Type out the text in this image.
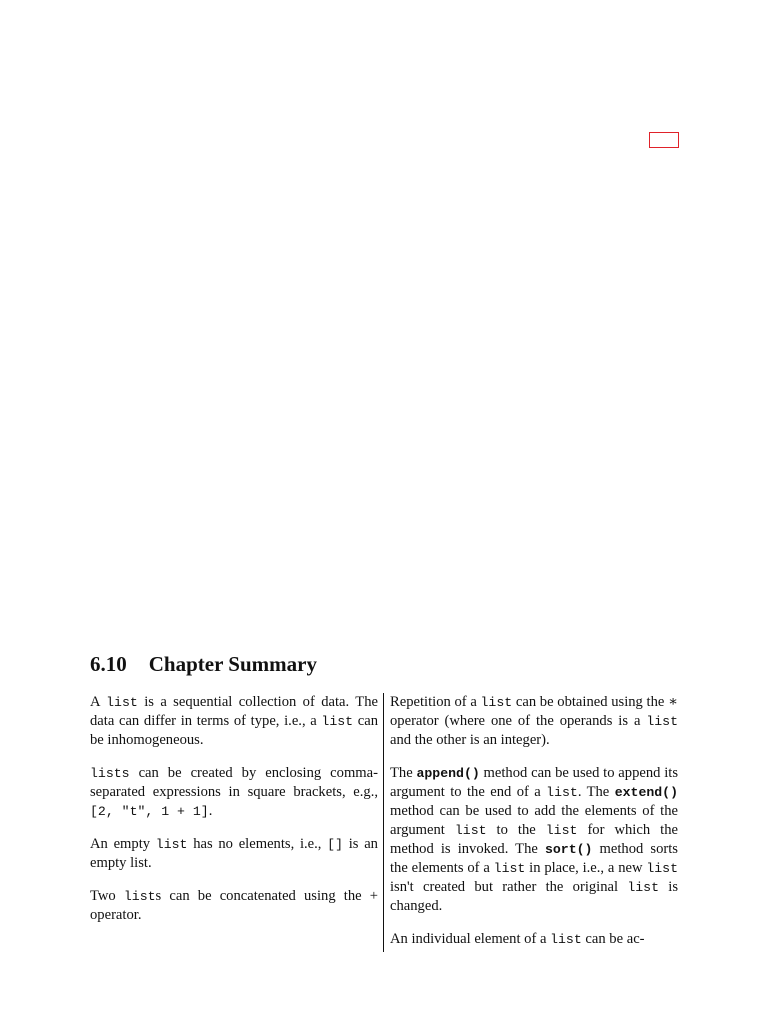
6.10 Chapter Summary

A list is a sequential collection of data. The data can differ in terms of type, i.e., a list can be inhomogeneous.

lists can be created by enclosing comma-separated expressions in square brackets, e.g., [2, "t", 1 + 1].

An empty list has no elements, i.e., [] is an empty list.

Two lists can be concatenated using the + operator.

Repetition of a list can be obtained using the ∗ operator (where one of the operands is a list and the other is an integer).

The append() method can be used to append its argument to the end of a list. The extend() method can be used to add the elements of the argument list to the list for which the method is invoked. The sort() method sorts the elements of a list in place, i.e., a new list isn't created but rather the original list is changed.

An individual element of a list can be ac-
